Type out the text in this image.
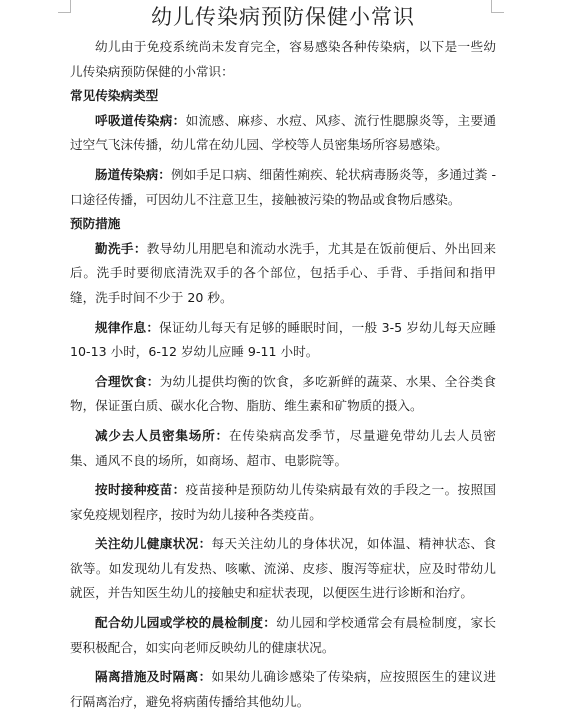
幼儿传染病预防保健小常识

幼儿由于免疫系统尚未发育完全，容易感染各种传染病，以下是一些幼儿传染病预防保健的小常识：

常见传染病类型

呼吸道传染病：如流感、麻疹、水痘、风疹、流行性腮腺炎等，主要通过空气飞沫传播，幼儿常在幼儿园、学校等人员密集场所容易感染。

肠道传染病：例如手足口病、细菌性痢疾、轮状病毒肠炎等，多通过粪 - 口途径传播，可因幼儿不注意卫生，接触被污染的物品或食物后感染。

预防措施

勤洗手：教导幼儿用肥皂和流动水洗手，尤其是在饭前便后、外出回来后。洗手时要彻底清洗双手的各个部位，包括手心、手背、手指间和指甲缝，洗手时间不少于 20 秒。

规律作息：保证幼儿每天有足够的睡眠时间，一般 3-5 岁幼儿每天应睡 10-13 小时，6-12 岁幼儿应睡 9-11 小时。

合理饮食：为幼儿提供均衡的饮食，多吃新鲜的蔬菜、水果、全谷类食物，保证蛋白质、碳水化合物、脂肪、维生素和矿物质的摄入。

减少去人员密集场所：在传染病高发季节，尽量避免带幼儿去人员密集、通风不良的场所，如商场、超市、电影院等。

按时接种疫苗：疫苗接种是预防幼儿传染病最有效的手段之一。按照国家免疫规划程序，按时为幼儿接种各类疫苗。

关注幼儿健康状况：每天关注幼儿的身体状况，如体温、精神状态、食欲等。如发现幼儿有发热、咳嗽、流涕、皮疹、腹泻等症状，应及时带幼儿就医，并告知医生幼儿的接触史和症状表现，以便医生进行诊断和治疗。

配合幼儿园或学校的晨检制度：幼儿园和学校通常会有晨检制度，家长要积极配合，如实向老师反映幼儿的健康状况。

隔离措施及时隔离：如果幼儿确诊感染了传染病，应按照医生的建议进行隔离治疗，避免将病菌传播给其他幼儿。
